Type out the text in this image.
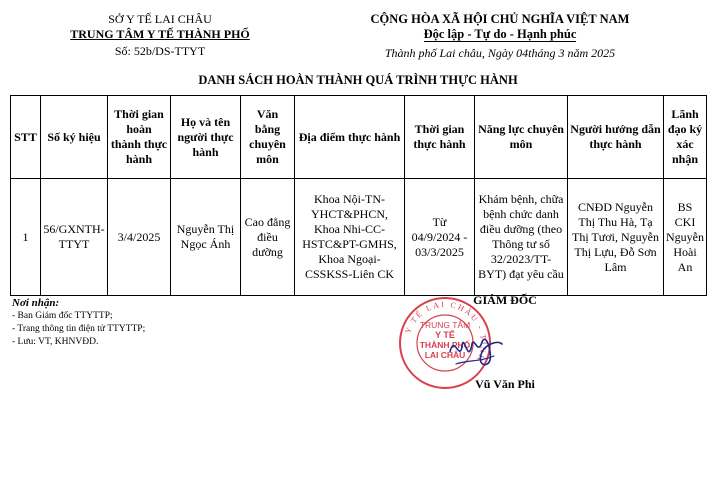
SỞ Y TẾ LAI CHÂU
TRUNG TÂM Y TẾ THÀNH PHỐ
Số: 52b/DS-TTYT
CỘNG HÒA XÃ HỘI CHỦ NGHĨA VIỆT NAM
Độc lập - Tự do - Hạnh phúc
Thành phố Lai châu, Ngày 04tháng 3 năm 2025
DANH SÁCH HOÀN THÀNH QUÁ TRÌNH THỰC HÀNH
STT	Số ký hiệu	Thời gian hoàn thành thực hành	Họ và tên người thực hành	Văn bằng chuyên môn	Địa điểm thực hành	Thời gian thực hành	Năng lực chuyên môn	Người hướng dẫn thực hành	Lãnh đạo ký xác nhận
1	56/GXNTH-TTYT	3/4/2025	Nguyễn Thị Ngọc Ánh	Cao đẳng điều dưỡng	Khoa Nội-TN-YHCT&PHCN, Khoa Nhi-CC-HSTC&PT-GMHS, Khoa Ngoại-CSSKSS-Liên CK	Từ 04/9/2024 - 03/3/2025	Khám bệnh, chữa bệnh chức danh điều dưỡng (theo Thông tư số 32/2023/TT-BYT) đạt yêu cầu	CNĐD Nguyễn Thị Thu Hà, Tạ Thị Tươi, Nguyễn Thị Lựu, Đỗ Sơn Lâm	BS CKI Nguyễn Hoài An
Nơi nhận:
- Ban Giám đốc TTYTTP;
- Trang thông tin điện tử TTYTTP;
- Lưu: VT, KHNVĐD.
GIÁM ĐỐC
Y TẾ LAI CHÂU - TỈNH
TRUNG TÂM
Y TẾ
THÀNH PHỐ
LAI CHÂU
Vũ Văn Phi
